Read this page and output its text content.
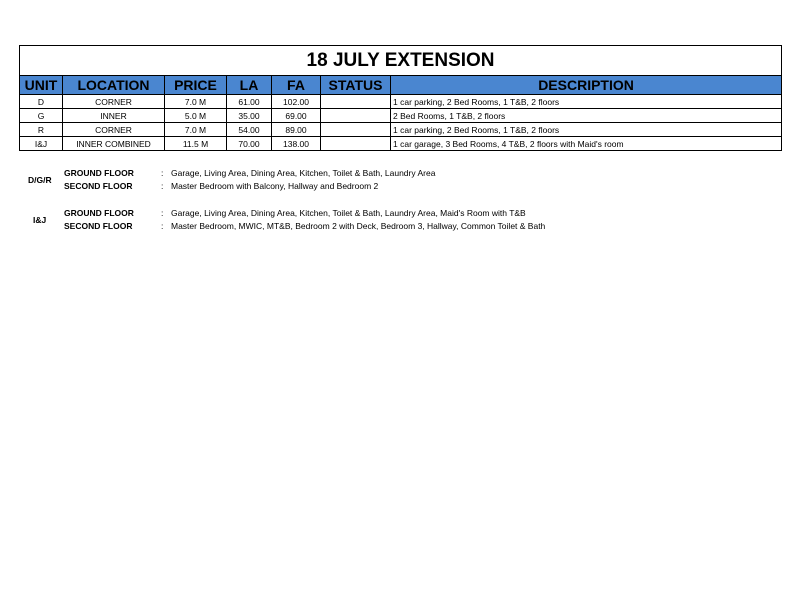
18 JULY EXTENSION						
UNIT	LOCATION	PRICE	LA	FA	STATUS	DESCRIPTION
D	CORNER	7.0 M	61.00	102.00		1 car parking, 2 Bed Rooms, 1 T&B, 2 floors
G	INNER	5.0 M	35.00	69.00		2 Bed Rooms, 1 T&B, 2 floors
R	CORNER	7.0 M	54.00	89.00		1 car parking, 2 Bed Rooms, 1 T&B, 2 floors
I&J	INNER COMBINED	11.5 M	70.00	138.00		1 car garage, 3 Bed Rooms, 4 T&B, 2 floors with Maid's room
D/G/R
GROUND FLOOR	: Garage, Living Area, Dining Area, Kitchen, Toilet & Bath, Laundry Area
SECOND FLOOR	: Master Bedroom with Balcony, Hallway and Bedroom 2
I&J
GROUND FLOOR	: Garage, Living Area, Dining Area, Kitchen, Toilet & Bath, Laundry Area, Maid's Room with T&B
SECOND FLOOR	: Master Bedroom, MWIC, MT&B, Bedroom 2 with Deck, Bedroom 3, Hallway, Common Toilet & Bath
